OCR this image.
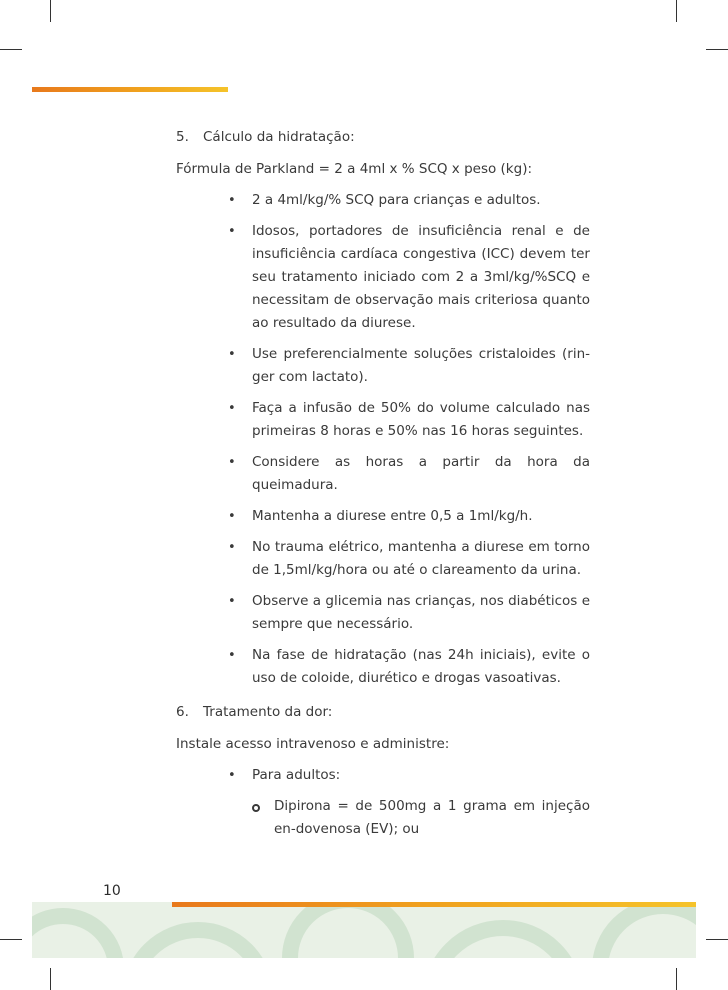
5.	Cálculo da hidratação:

Fórmula de Parkland = 2 a 4ml x % SCQ x peso (kg):

• 2 a 4ml/kg/% SCQ para crianças e adultos.
• Idosos, portadores de insuficiência renal e de insuficiência cardíaca congestiva (ICC) devem ter seu tratamento iniciado com 2 a 3ml/kg/%SCQ e necessitam de observação mais criteriosa quanto ao resultado da diurese.
• Use preferencialmente soluções cristaloides (rin-ger com lactato).
• Faça a infusão de 50% do volume calculado nas primeiras 8 horas e 50% nas 16 horas seguintes.
• Considere as horas a partir da hora da queimadura.
• Mantenha a diurese entre 0,5 a 1ml/kg/h.
• No trauma elétrico, mantenha a diurese em torno de 1,5ml/kg/hora ou até o clareamento da urina.
• Observe a glicemia nas crianças, nos diabéticos e sempre que necessário.
• Na fase de hidratação (nas 24h iniciais), evite o uso de coloide, diurético e drogas vasoativas.
6.	Tratamento da dor:

Instale acesso intravenoso e administre:

• Para adultos:
Dipirona = de 500mg a 1 grama em injeção en-dovenosa (EV); ou
10
